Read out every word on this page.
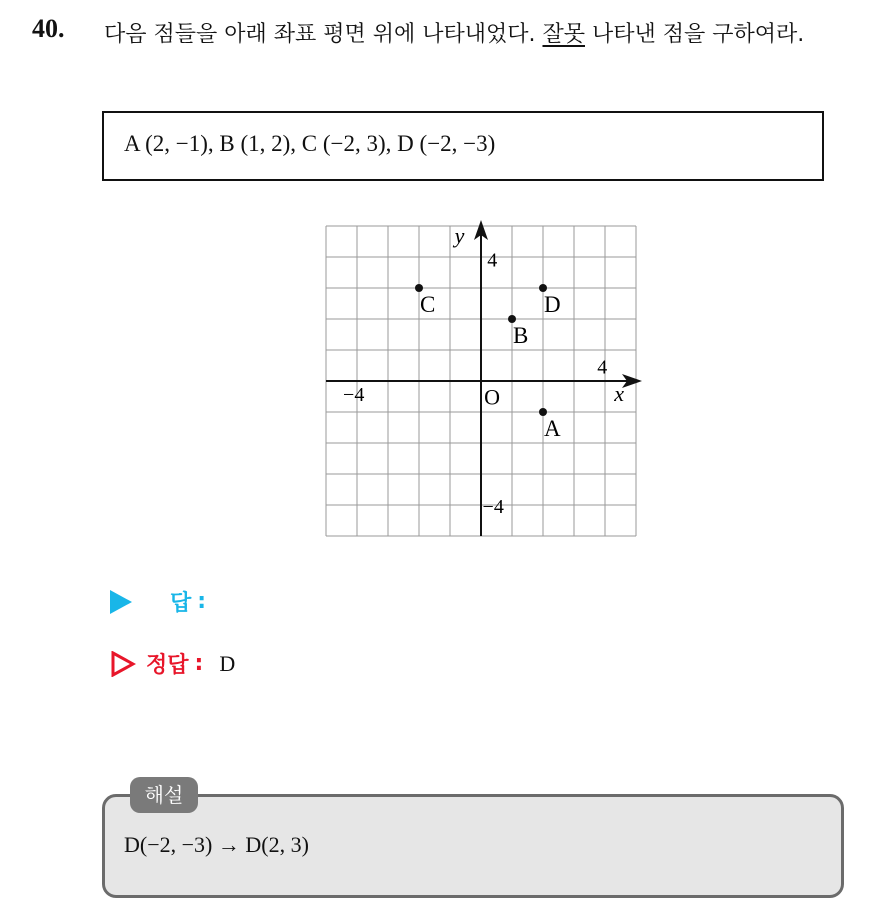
40. 다음 점들을 아래 좌표 평면 위에 나타내었다. 잘못 나타낸 점을 구하여라.
A (2, −1), B (1, 2), C (−2, 3), D (−2, −3)
x
y
O
−4
4
4
−4
A
B
C	D
답 :
정답 : D
해설
D(−2, −3) → D(2, 3)
